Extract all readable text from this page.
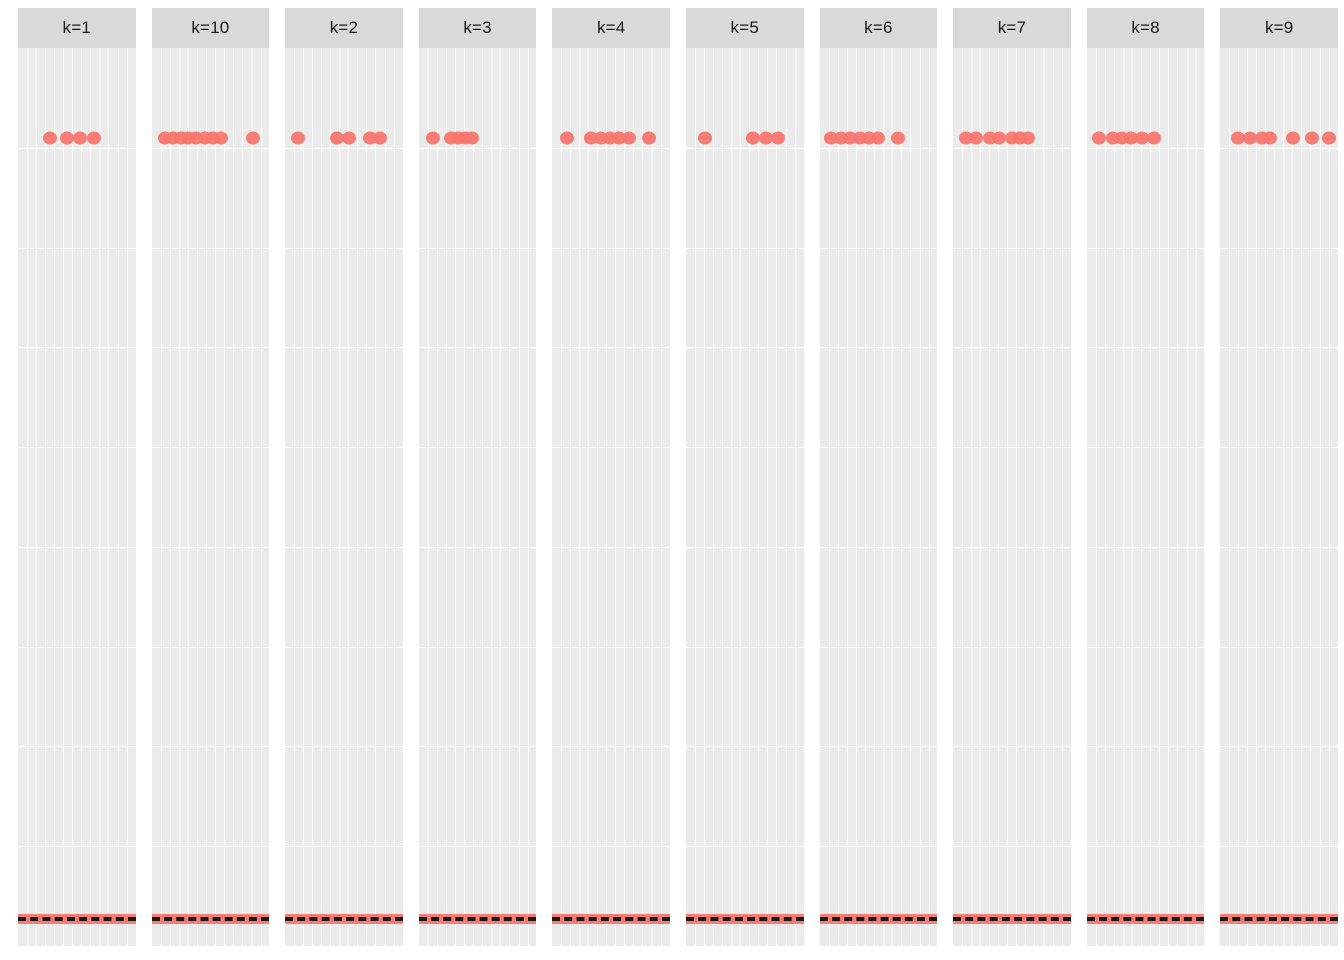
k=1	k=10	k=2	k=3	k=4	k=5	k=6	k=7	k=8	k=9
